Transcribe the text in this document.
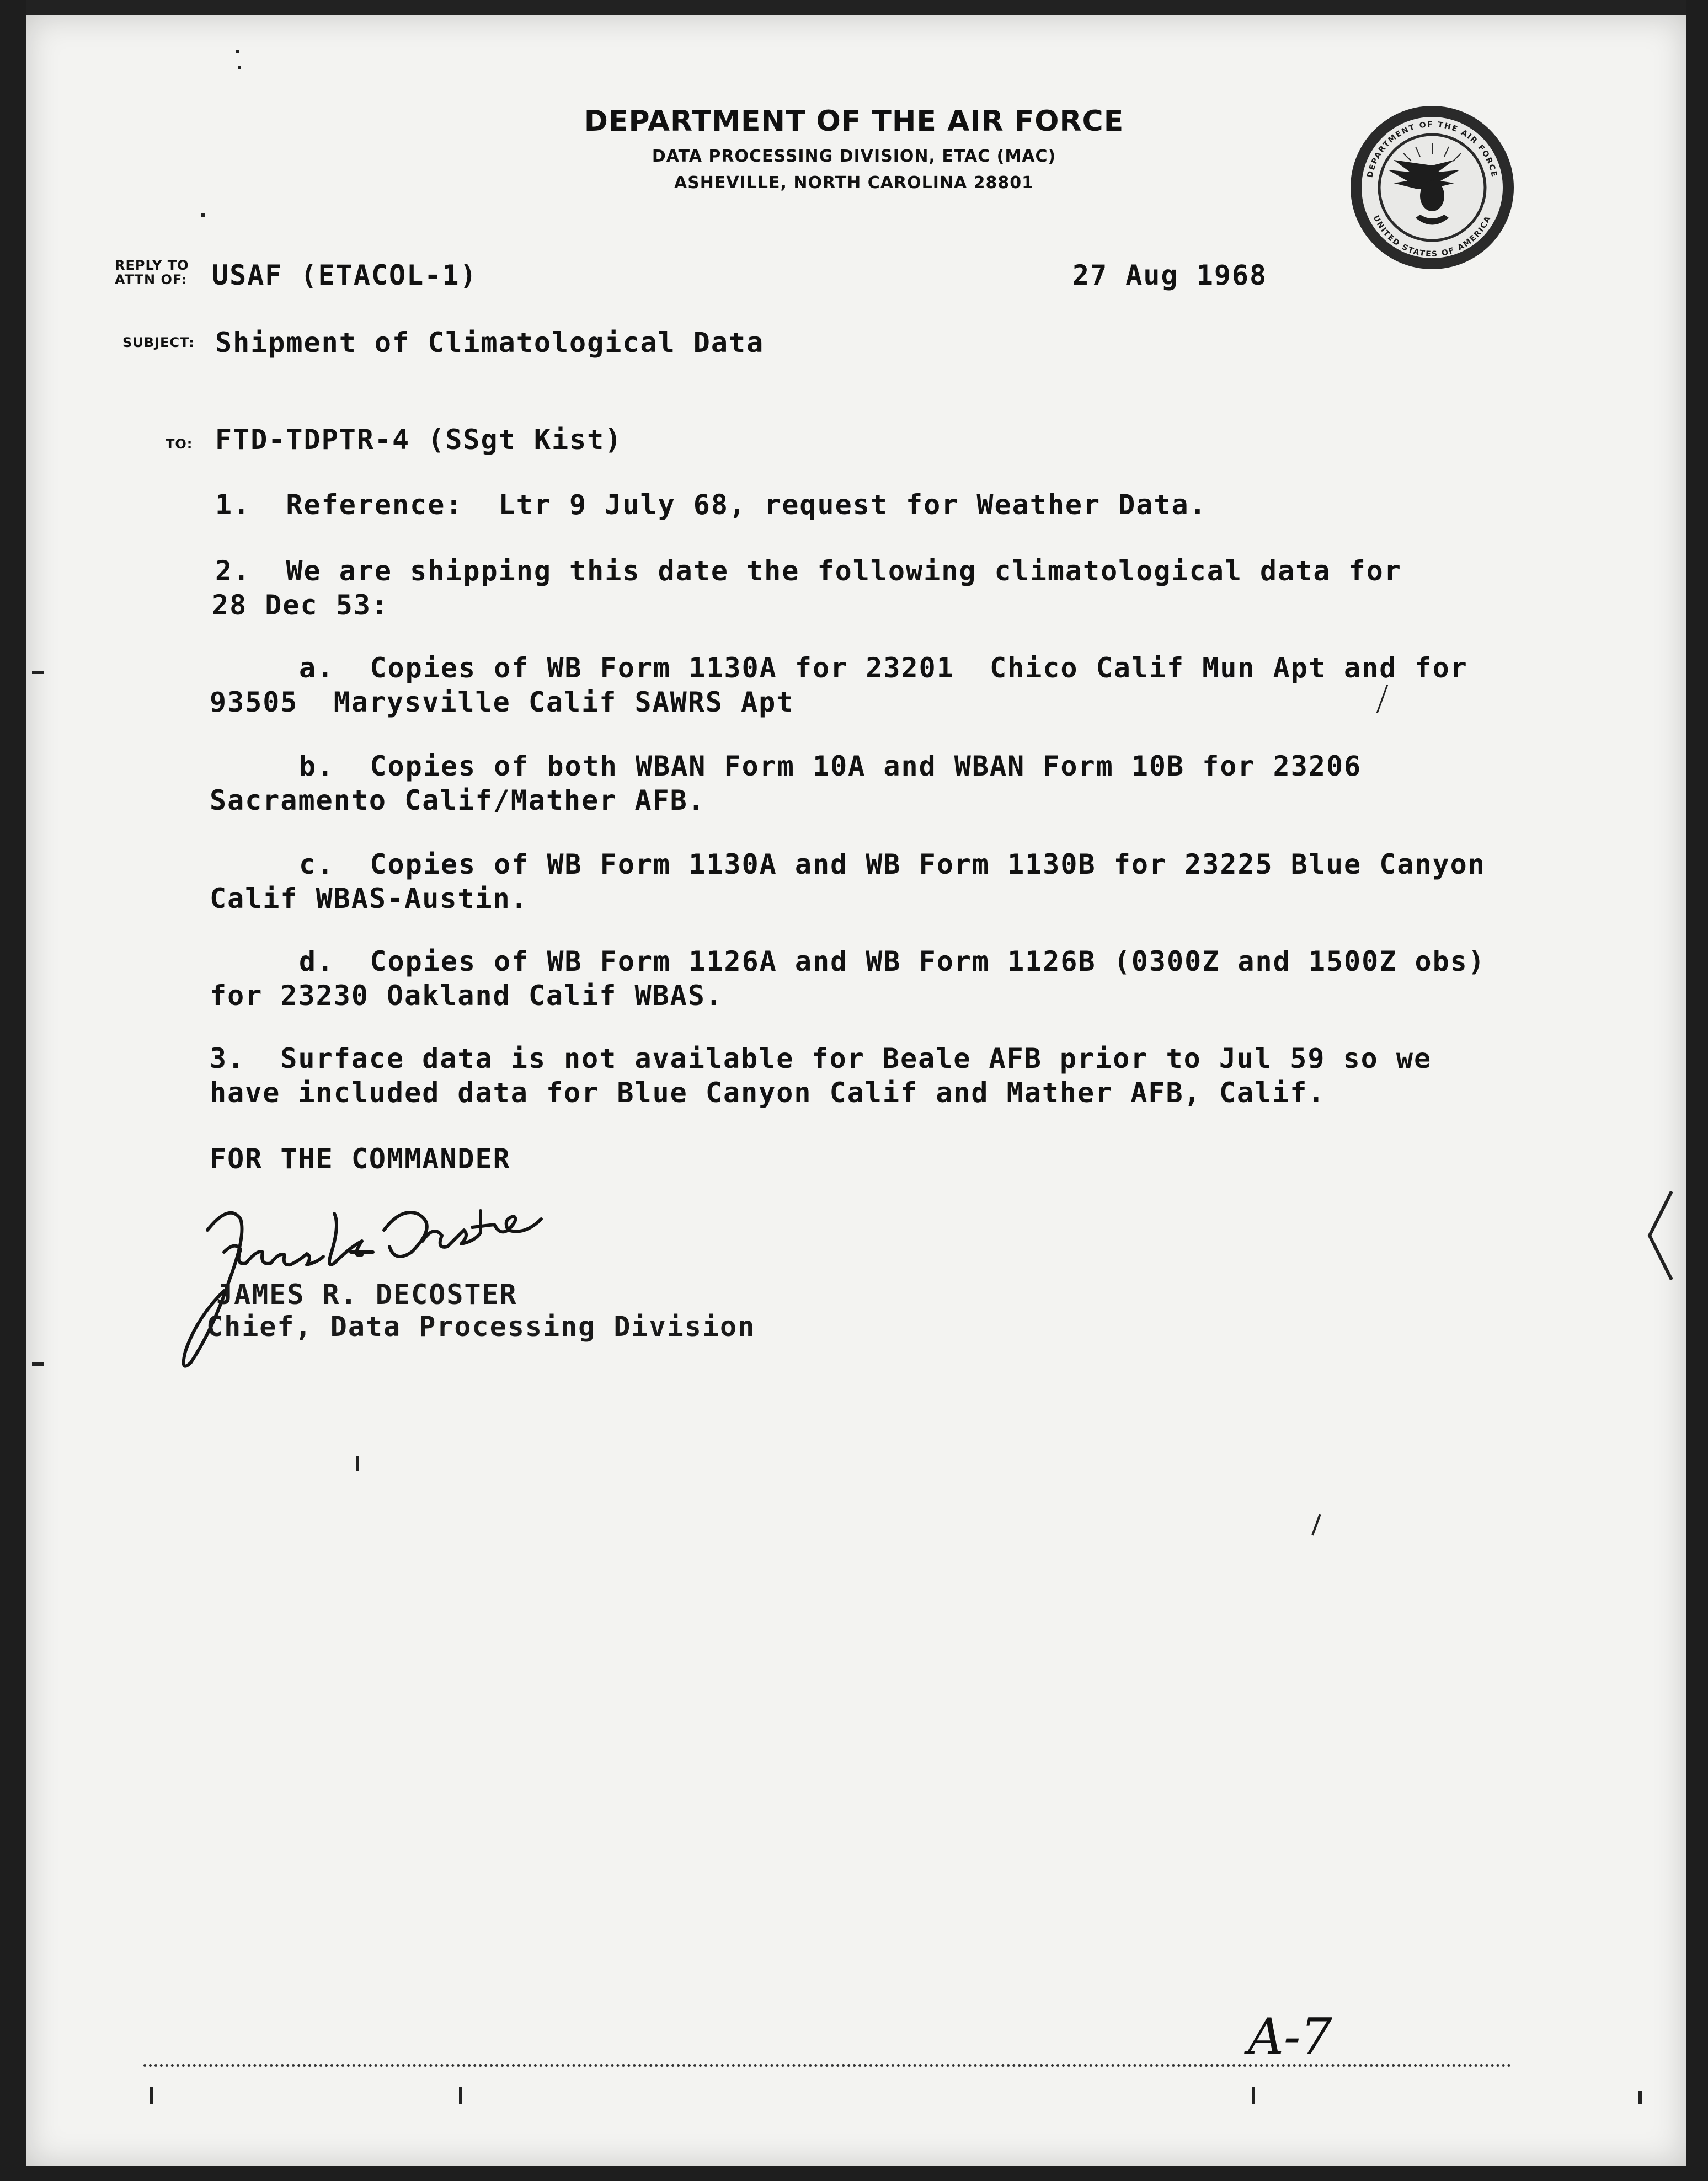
DEPARTMENT OF THE AIR FORCE
DATA PROCESSING DIVISION, ETAC (MAC)
ASHEVILLE, NORTH CAROLINA 28801	DEPARTMENT OF THE AIR FORCE
UNITED STATES OF AMERICA
REPLY TO
ATTN OF: USAF (ETACOL-1)	27 Aug 1968
SUBJECT: Shipment of Climatological Data
TO: FTD-TDPTR-4 (SSgt Kist)
1.  Reference:  Ltr 9 July 68, request for Weather Data.
2.  We are shipping this date the following climatological data for
28 Dec 53:
a.  Copies of WB Form 1130A for 23201  Chico Calif Mun Apt and for
93505  Marysville Calif SAWRS Apt
b.  Copies of both WBAN Form 10A and WBAN Form 10B for 23206
Sacramento Calif/Mather AFB.
c.  Copies of WB Form 1130A and WB Form 1130B for 23225 Blue Canyon
Calif WBAS-Austin.
d.  Copies of WB Form 1126A and WB Form 1126B (0300Z and 1500Z obs)
for 23230 Oakland Calif WBAS.
3.  Surface data is not available for Beale AFB prior to Jul 59 so we
have included data for Blue Canyon Calif and Mather AFB, Calif.
FOR THE COMMANDER
JAMES R. DECOSTER
Chief, Data Processing Division
A-7
